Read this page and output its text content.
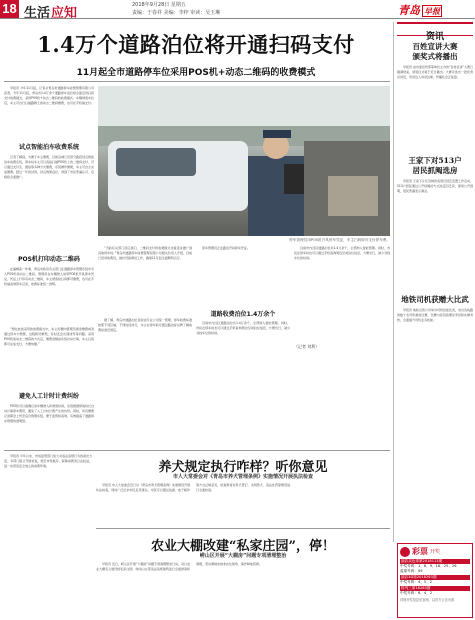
18 生活应知
2018年9月28日 星期五
责编：于春祥 美编：李梓 审读：吴玉琳	青岛 早报
1.4万个道路泊位将开通扫码支付
11月起全市道路停车位采用POS机+动态二维码的收费模式
早报讯 今年11月起，记者从青岛市道路停车收费管理有限公司获悉，今年11月起，青岛市1.4万余个道路停车泊位将全面启用扫码支付收费模式，采用POS机+动态二维码的收费模式。车辆驶离车位后，车主可自行扫描路牌上的动态二维码缴费，也可在手机端支付。
试点智能泊车收费系统
记者了解到，为便于车主缴费，目前岛城已有部分路段试点智能泊车收费系统，停车时车主可以直接扫描POS机上的二维码支付，可以通过支付宝、微信等多种方式缴费，系统操作便捷，车主可自主完成缴费。经过一年的试用，试点效果良好，得到了市民普遍认可，后续将全面推广。
POS机打印动态二维码
在编辑室一件事，青岛市政府有关部门在道路停车管理系统中引入POS机和动态二维码，管理员在车辆驶入时用POS机开具停车凭证，凭证上打印有动态二维码，车主驶离时扫码即可缴费，也可在手机端查询停车记录，收费标准统一透明。
“想在此前采用的收费模式中，车主需要向管理员现金缴费或者通过停车卡缴费，过程相对繁琐，有时还会出现找零等问题。采用POS机加动态二维码的方式后，缴费金额由系统自动计算，车主扫码即可完成支付，方便快捷。”
避免人工计时计费纠纷
POS机可以准确记录车辆驶入和驶离时间，系统根据停放时长自动计算停车费用，避免了人工计时计费产生的纠纷。同时，所有缴费记录都会上传至后台管理系统，便于监管和查询，有效提高了道路停车管理的透明度。
停车管理员用POS机开具停车凭证，车主扫码即可支付停车费。
“当前有关部门答应我们，二维码支付的收费模式也将逐步推广到其他停车场。”青岛市道路停车收费管理有限公司相关负责人介绍，目前已培训收费员，做好设备调试工作，确保11月起全面顺利运行。
据了解，青岛市道路泊位目前由专业公司统一管理，停车收费标准按照不同区域、不同时段执行，车主在停车前可通过路边标识牌了解收费标准及规定。
停车管理员正在路边开具停车凭证。
道路收费泊位1.4万余个
目前市内四区道路泊位共1.4万余个，全部纳入智能管理。同时，市民在停车时也可以通过手机查询周边空闲泊位信息，方便出行，减少寻找车位的时间。
目前市内四区道路泊位共1.4万余个，全部纳入智能管理。同时，市民在停车时也可以通过手机查询周边空闲泊位信息，方便出行，减少寻找车位的时间。
（记者 刘利）
资讯
百姓宣讲大赛
颁奖式将播出
早报讯 由市委宣传部等单位主办的“百姓宣讲”大赛已圆满结束，颁奖仪式将于近日播出。大赛评选出一批优秀宣讲员，用身边人讲身边事，传播社会正能量。
王家下对513户
居民抓阄选房
早报讯 王家下片区旧城改造项目回迁安置工作启动，513户居民通过公开抓阄的方式选定回迁房，现场公开透明，居民普遍表示满意。
地铁司机获赠大比武
早报讯 地铁运营公司举办司机技能比武，来自各线路的数十名司机参加比赛，比赛内容包括理论考试和实操考核，全面提升司机业务技能。
早报讯 今年以来，市场监管部门加大对违法违规行为的查处力度，多部门联合开展检查，规范市场秩序，保障消费者合法权益，进一步营造安全放心的消费环境。	养犬规定执行咋样？听你意见
市人大常委会对《青岛市养犬管理条例》实施情况开展执法检查
早报讯 市人大常委会近日对《青岛市养犬管理条例》实施情况开展执法检查，同时广泛征求市民意见建议。市民可以通过信函、电子邮件等方式反映意见，检查组将对养犬登记、文明养犬、违法处罚等情况进行全面检查。
农业大棚改建“私家庄园”，停！
崂山区开展“大棚房”问题专项清理整治
早报讯 近日，崂山区开展“大棚房”问题专项清理整治行动，对以农业大棚名义建设的私家庄园、休闲山庄等违法违规建筑进行全面排查和清理，坚决遏制农地非农化现象，保护耕地资源。
彩票 开奖
福彩双色球第2018113期
中奖号码：1、6、9、16、25、26
蓝球号码：09
福彩3D第2018263期
中奖号码：4、5、2
排列三第18263期
中奖号码：6、4、2
详细开奖信息见官网，以官方公告为准
